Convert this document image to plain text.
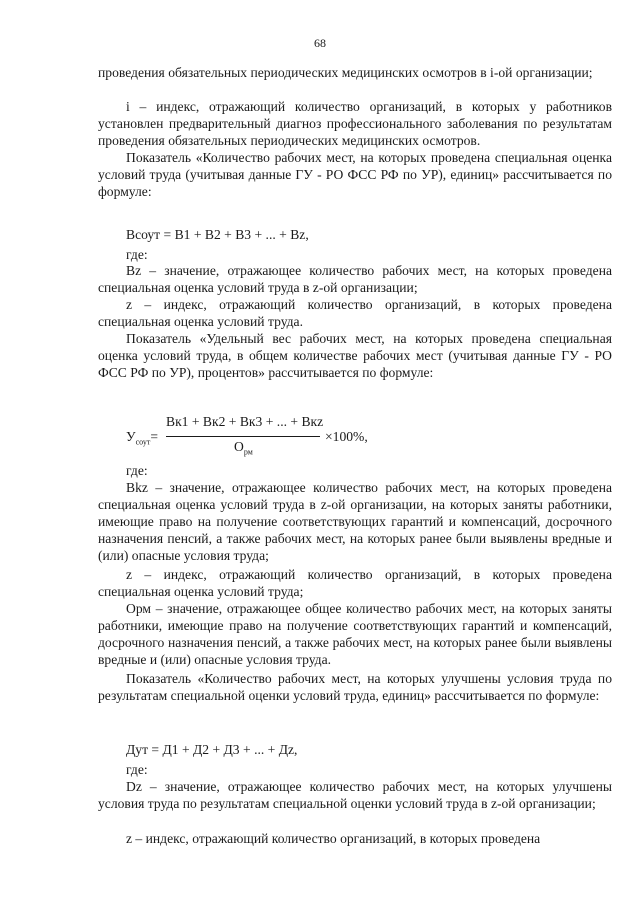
68

проведения обязательных периодических медицинских осмотров в i-ой организации;

i – индекс, отражающий количество организаций, в которых у работников установлен предварительный диагноз профессионального заболевания по результатам проведения обязательных периодических медицинских осмотров.

Показатель «Количество рабочих мест, на которых проведена специальная оценка условий труда (учитывая данные ГУ - РО ФСС РФ по УР), единиц» рассчитывается по формуле:

Всоут = В1 + В2 + В3 + ... + Вz,
где:

Вz – значение, отражающее количество рабочих мест, на которых проведена специальная оценка условий труда в z-ой организации;

z – индекс, отражающий количество организаций, в которых проведена специальная оценка условий труда.

Показатель «Удельный вес рабочих мест, на которых проведена специальная оценка условий труда, в общем количестве рабочих мест (учитывая данные ГУ - РО ФСС РФ по УР), процентов» рассчитывается по формуле:

$У_{соут}=$
Вк1 + Вк2 + Вк3 + ... + Вкz
$О_{рм}$
×100%,
где:

Bkz – значение, отражающее количество рабочих мест, на которых проведена специальная оценка условий труда в z-ой организации, на которых заняты работники, имеющие право на получение соответствующих гарантий и компенсаций, досрочного назначения пенсий, а также рабочих мест, на которых ранее были выявлены вредные и (или) опасные условия труда;

z – индекс, отражающий количество организаций, в которых проведена специальная оценка условий труда;

Орм – значение, отражающее общее количество рабочих мест, на которых заняты работники, имеющие право на получение соответствующих гарантий и компенсаций, досрочного назначения пенсий, а также рабочих мест, на которых ранее были выявлены вредные и (или) опасные условия труда.

Показатель «Количество рабочих мест, на которых улучшены условия труда по результатам специальной оценки условий труда, единиц» рассчитывается по формуле:

Дут = Д1 + Д2 + Д3 + ... + Дz,
где:

Dz – значение, отражающее количество рабочих мест, на которых улучшены условия труда по результатам специальной оценки условий труда в z-ой организации;

z – индекс, отражающий количество организаций, в которых проведена
